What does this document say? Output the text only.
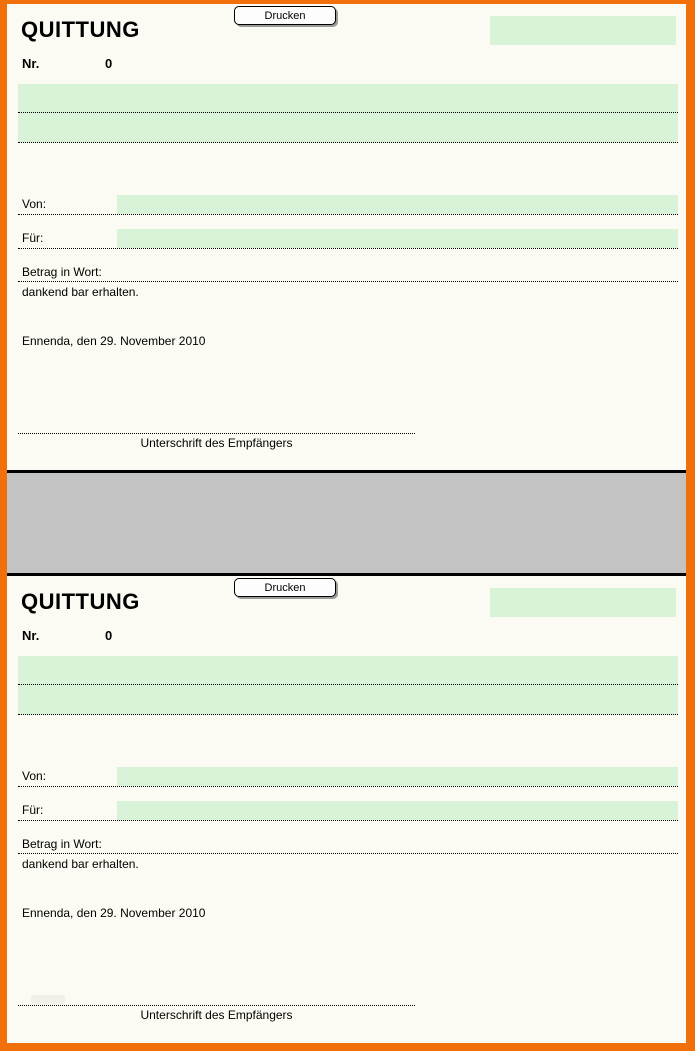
Drucken
QUITTUNG
Nr.	0
Von:
Für:
Betrag in Wort:
dankend bar erhalten.
Ennenda, den 29. November 2010
Unterschrift des Empfängers
Drucken
QUITTUNG
Nr.	0
Von:
Für:
Betrag in Wort:
dankend bar erhalten.
Ennenda, den 29. November 2010
Unterschrift des Empfängers
